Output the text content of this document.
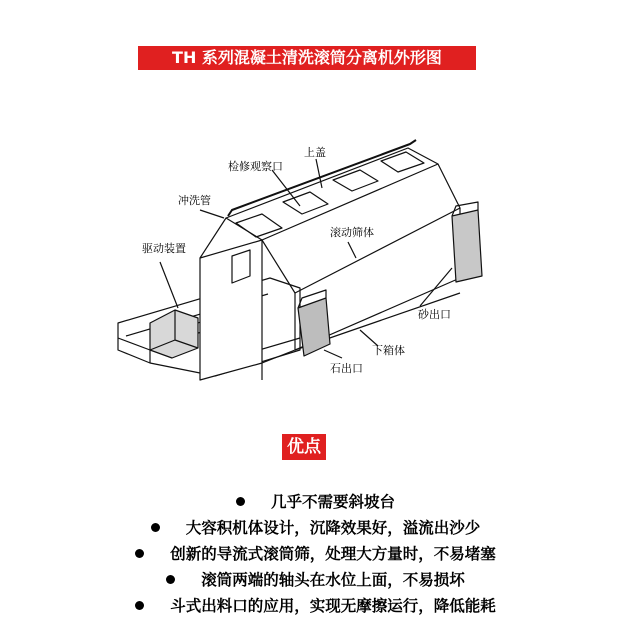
TH 系列混凝土清洗滚筒分离机外形图
上盖
检修观察口
冲洗管
驱动装置
滚动筛体
砂出口
下箱体
石出口
优点
几乎不需要斜坡台
大容积机体设计，沉降效果好，溢流出沙少
创新的导流式滚筒筛，处理大方量时，不易堵塞
滚筒两端的轴头在水位上面，不易损坏
斗式出料口的应用，实现无摩擦运行，降低能耗
